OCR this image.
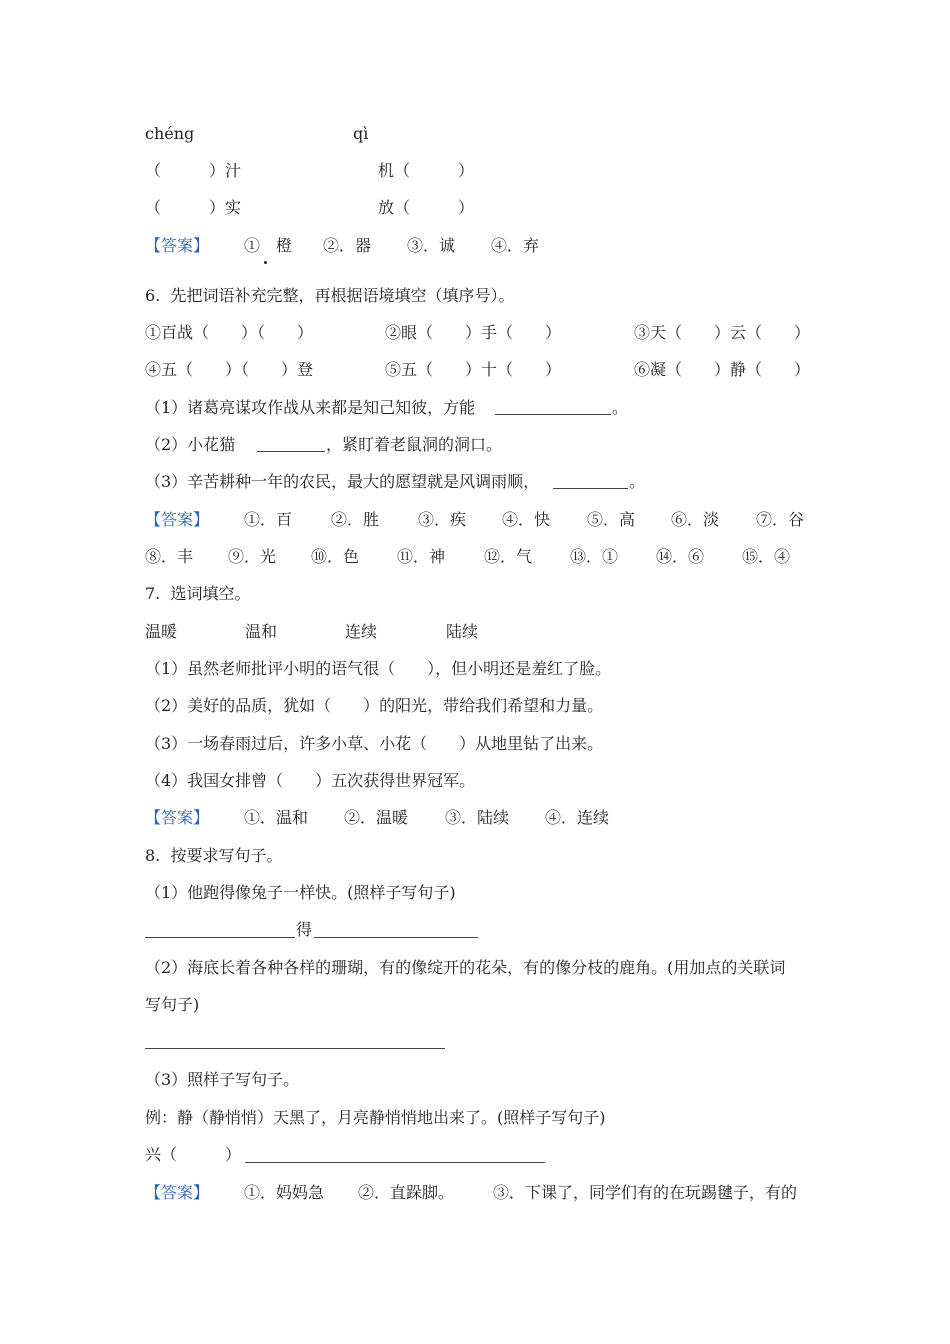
chéng	qì
（　　　）汁	机（　　　）
（　　　）实	放（　　　）
【答案】 ①　橙 ②．器 ③．诚 ④．弃
6.  先把词语补充完整，再根据语境填空（填序号）。
①百战（　　）（　　）	②眼（　　）手（　　）	③天（　　）云（　　）
④五（　　）（　　）登	⑤五（　　）十（　　）	⑥凝（　　）静（　　）
（1）诸葛亮谋攻作战从来都是知己知彼，方能	。
（2）小花猫	，紧盯着老鼠洞的洞口。
（3）辛苦耕种一年的农民，最大的愿望就是风调雨顺，	。
【答案】 ①．百 ②．胜 ③．疾 ④．快 ⑤．高 ⑥．淡 ⑦．谷
⑧．丰 ⑨．光 ⑩．色 ⑪．神 ⑫．气 ⑬．① ⑭．⑥ ⑮．④
7.  选词填空。
温暖	温和	连续	陆续
（1）虽然老师批评小明的语气很（　　），但小明还是羞红了脸。
（2）美好的品质，犹如（　　）的阳光，带给我们希望和力量。
（3）一场春雨过后，许多小草、小花（　　）从地里钻了出来。
（4）我国女排曾（　　）五次获得世界冠军。
【答案】 ①．温和 ②．温暖 ③．陆续 ④．连续
8.  按要求写句子。
（1）他跑得像兔子一样快。(照样子写句子)
得
（2）海底长着各种各样的珊瑚，有的像绽开的花朵，有的像分枝的鹿角。(用加点的关联词
写句子)
（3）照样子写句子。
例：静（静悄悄）天黑了，月亮静悄悄地出来了。(照样子写句子)
兴（　　　）
【答案】 ①．妈妈急 ②．直跺脚。 ③．下课了，同学们有的在玩踢毽子，有的
